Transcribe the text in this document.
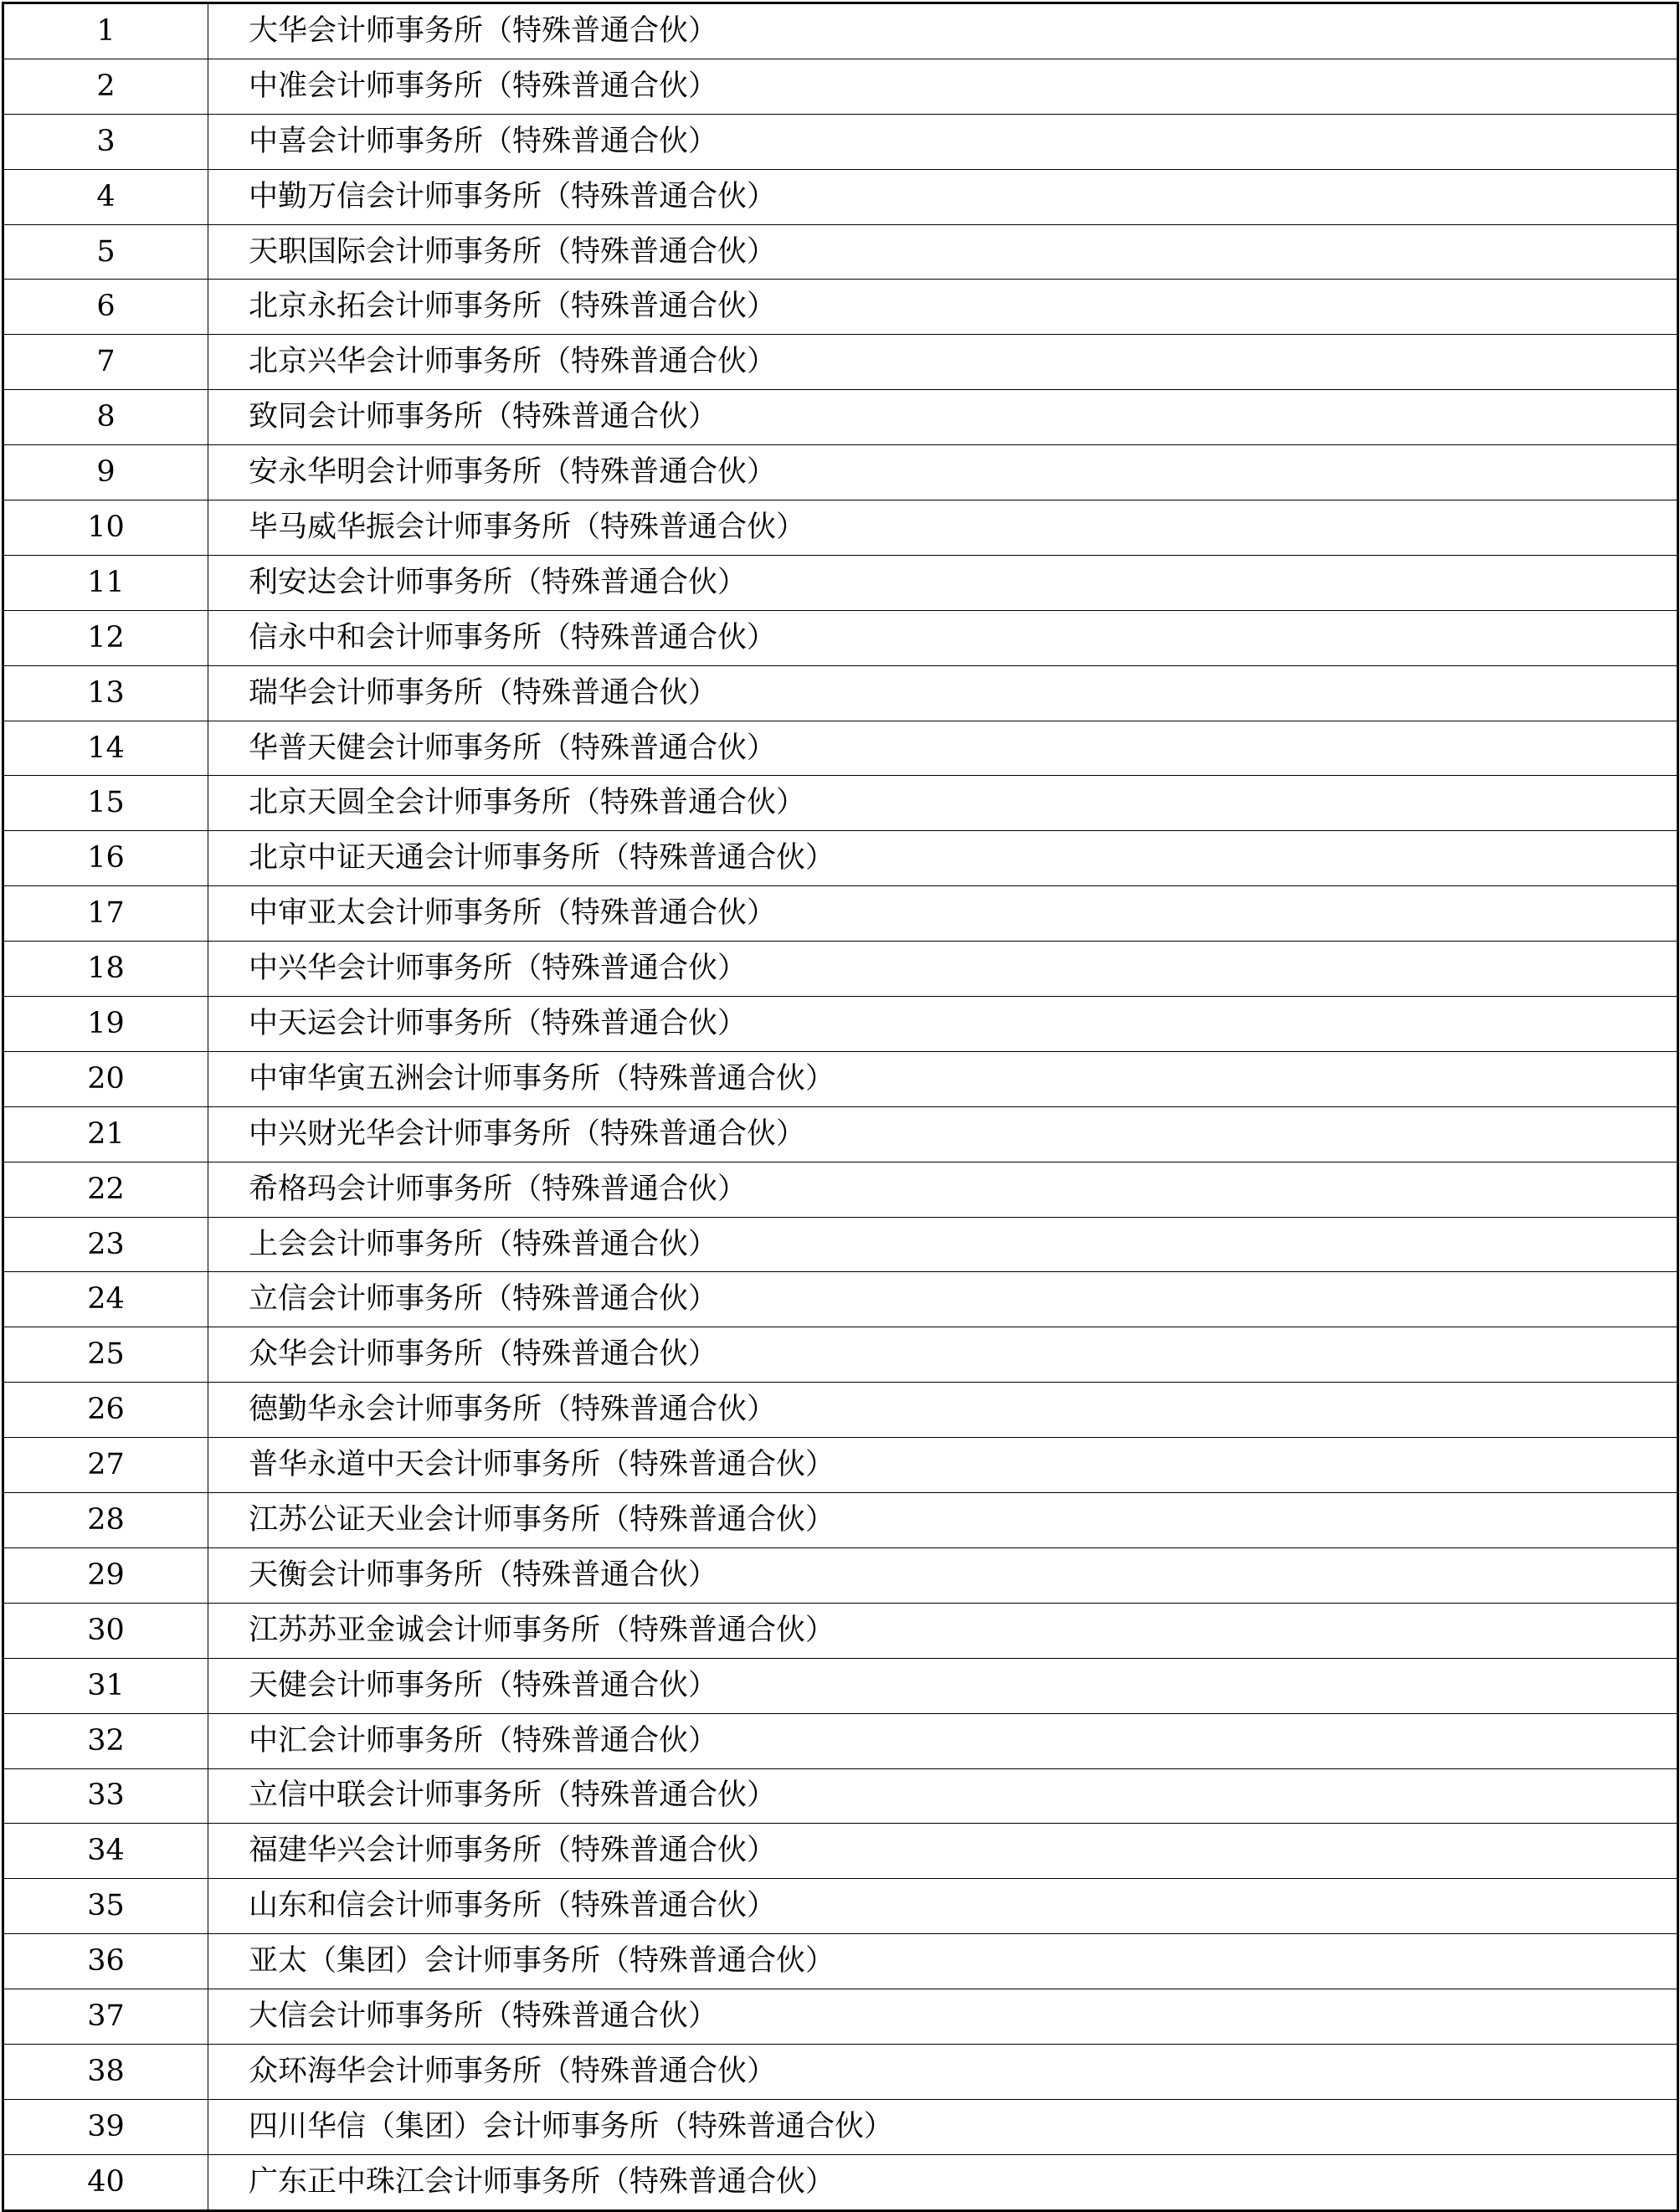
1	大华会计师事务所（特殊普通合伙）
2	中准会计师事务所（特殊普通合伙）
3	中喜会计师事务所（特殊普通合伙）
4	中勤万信会计师事务所（特殊普通合伙）
5	天职国际会计师事务所（特殊普通合伙）
6	北京永拓会计师事务所（特殊普通合伙）
7	北京兴华会计师事务所（特殊普通合伙）
8	致同会计师事务所（特殊普通合伙）
9	安永华明会计师事务所（特殊普通合伙）
10	毕马威华振会计师事务所（特殊普通合伙）
11	利安达会计师事务所（特殊普通合伙）
12	信永中和会计师事务所（特殊普通合伙）
13	瑞华会计师事务所（特殊普通合伙）
14	华普天健会计师事务所（特殊普通合伙）
15	北京天圆全会计师事务所（特殊普通合伙）
16	北京中证天通会计师事务所（特殊普通合伙）
17	中审亚太会计师事务所（特殊普通合伙）
18	中兴华会计师事务所（特殊普通合伙）
19	中天运会计师事务所（特殊普通合伙）
20	中审华寅五洲会计师事务所（特殊普通合伙）
21	中兴财光华会计师事务所（特殊普通合伙）
22	希格玛会计师事务所（特殊普通合伙）
23	上会会计师事务所（特殊普通合伙）
24	立信会计师事务所（特殊普通合伙）
25	众华会计师事务所（特殊普通合伙）
26	德勤华永会计师事务所（特殊普通合伙）
27	普华永道中天会计师事务所（特殊普通合伙）
28	江苏公证天业会计师事务所（特殊普通合伙）
29	天衡会计师事务所（特殊普通合伙）
30	江苏苏亚金诚会计师事务所（特殊普通合伙）
31	天健会计师事务所（特殊普通合伙）
32	中汇会计师事务所（特殊普通合伙）
33	立信中联会计师事务所（特殊普通合伙）
34	福建华兴会计师事务所（特殊普通合伙）
35	山东和信会计师事务所（特殊普通合伙）
36	亚太（集团）会计师事务所（特殊普通合伙）
37	大信会计师事务所（特殊普通合伙）
38	众环海华会计师事务所（特殊普通合伙）
39	四川华信（集团）会计师事务所（特殊普通合伙）
40	广东正中珠江会计师事务所（特殊普通合伙）
